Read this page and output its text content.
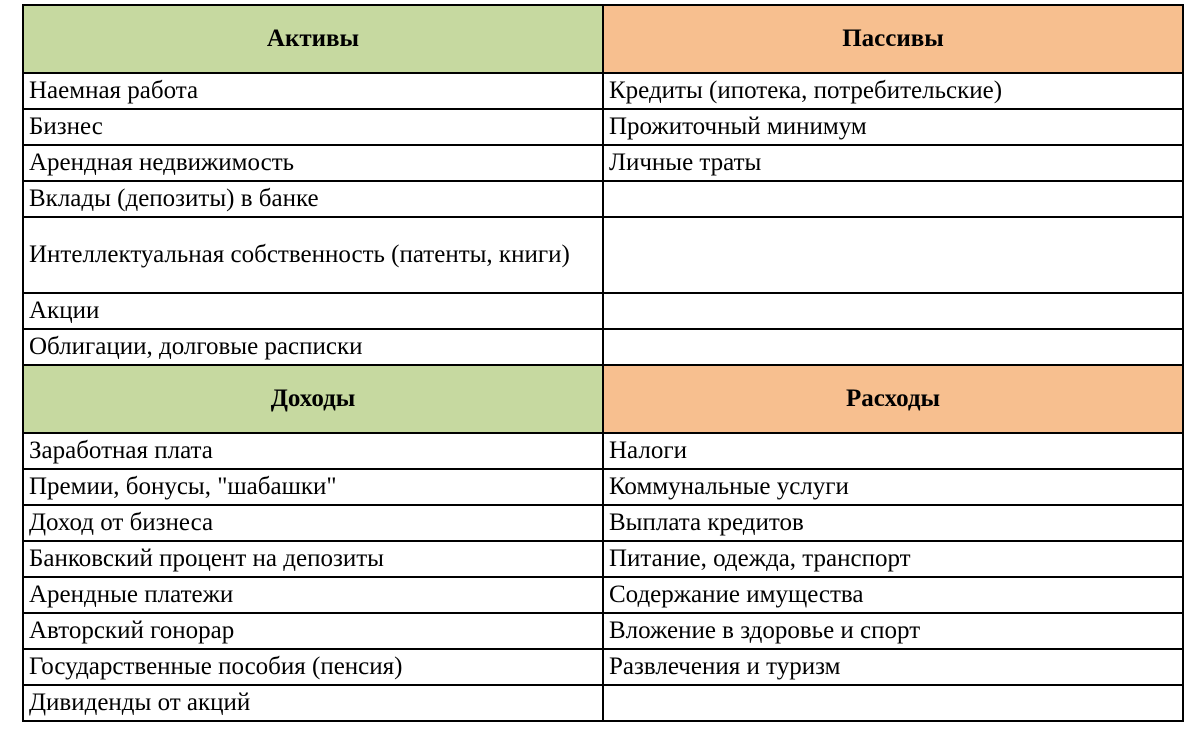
Активы	Пассивы
Наемная работа	Кредиты (ипотека, потребительские)
Бизнес	Прожиточный минимум
Арендная недвижимость	Личные траты
Вклады (депозиты) в банке	
Интеллектуальная собственность (патенты, книги)	
Акции	
Облигации, долговые расписки	
Доходы	Расходы
Заработная плата	Налоги
Премии, бонусы, "шабашки"	Коммунальные услуги
Доход от бизнеса	Выплата кредитов
Банковский процент на депозиты	Питание, одежда, транспорт
Арендные платежи	Содержание имущества
Авторский гонорар	Вложение в здоровье и спорт
Государственные пособия (пенсия)	Развлечения и туризм
Дивиденды от акций	
